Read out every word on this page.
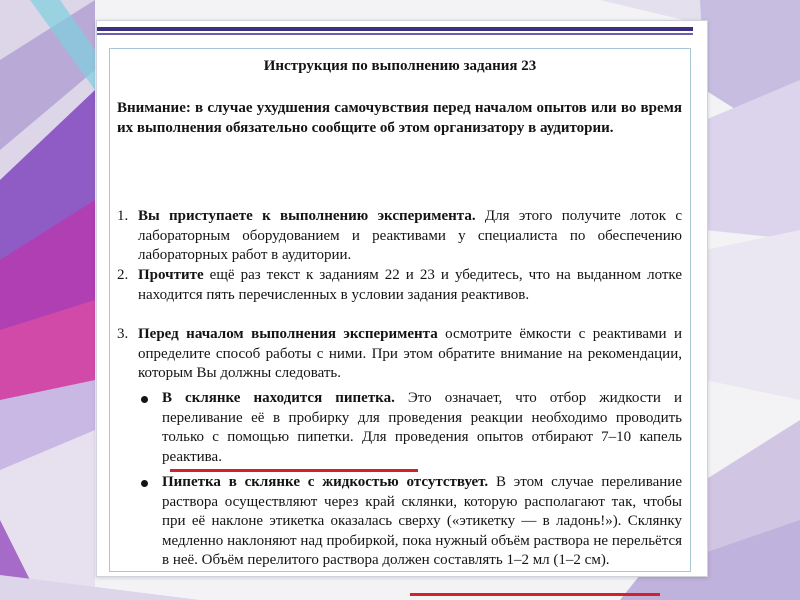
Инструкция по выполнению задания 23
Внимание: в случае ухудшения самочувствия перед началом опытов или во время их выполнения обязательно сообщите об этом организатору в аудитории.
1. Вы приступаете к выполнению эксперимента. Для этого получите лоток с лабораторным оборудованием и реактивами у специалиста по обеспечению лабораторных работ в аудитории.
2. Прочтите ещё раз текст к заданиям 22 и 23 и убедитесь, что на выданном лотке находится пять перечисленных в условии задания реактивов.
3. Перед началом выполнения эксперимента осмотрите ёмкости с реактивами и определите способ работы с ними. При этом обратите внимание на рекомендации, которым Вы должны следовать.
В склянке находится пипетка. Это означает, что отбор жидкости и переливание её в пробирку для проведения реакции необходимо проводить только с помощью пипетки. Для проведения опытов отбирают 7–10 капель реактива.
Пипетка в склянке с жидкостью отсутствует. В этом случае переливание раствора осуществляют через край склянки, которую располагают так, чтобы при её наклоне этикетка оказалась сверху («этикетку — в ладонь!»). Склянку медленно наклоняют над пробиркой, пока нужный объём раствора не перельётся в неё. Объём перелитого раствора должен составлять 1–2 мл (1–2 см).
